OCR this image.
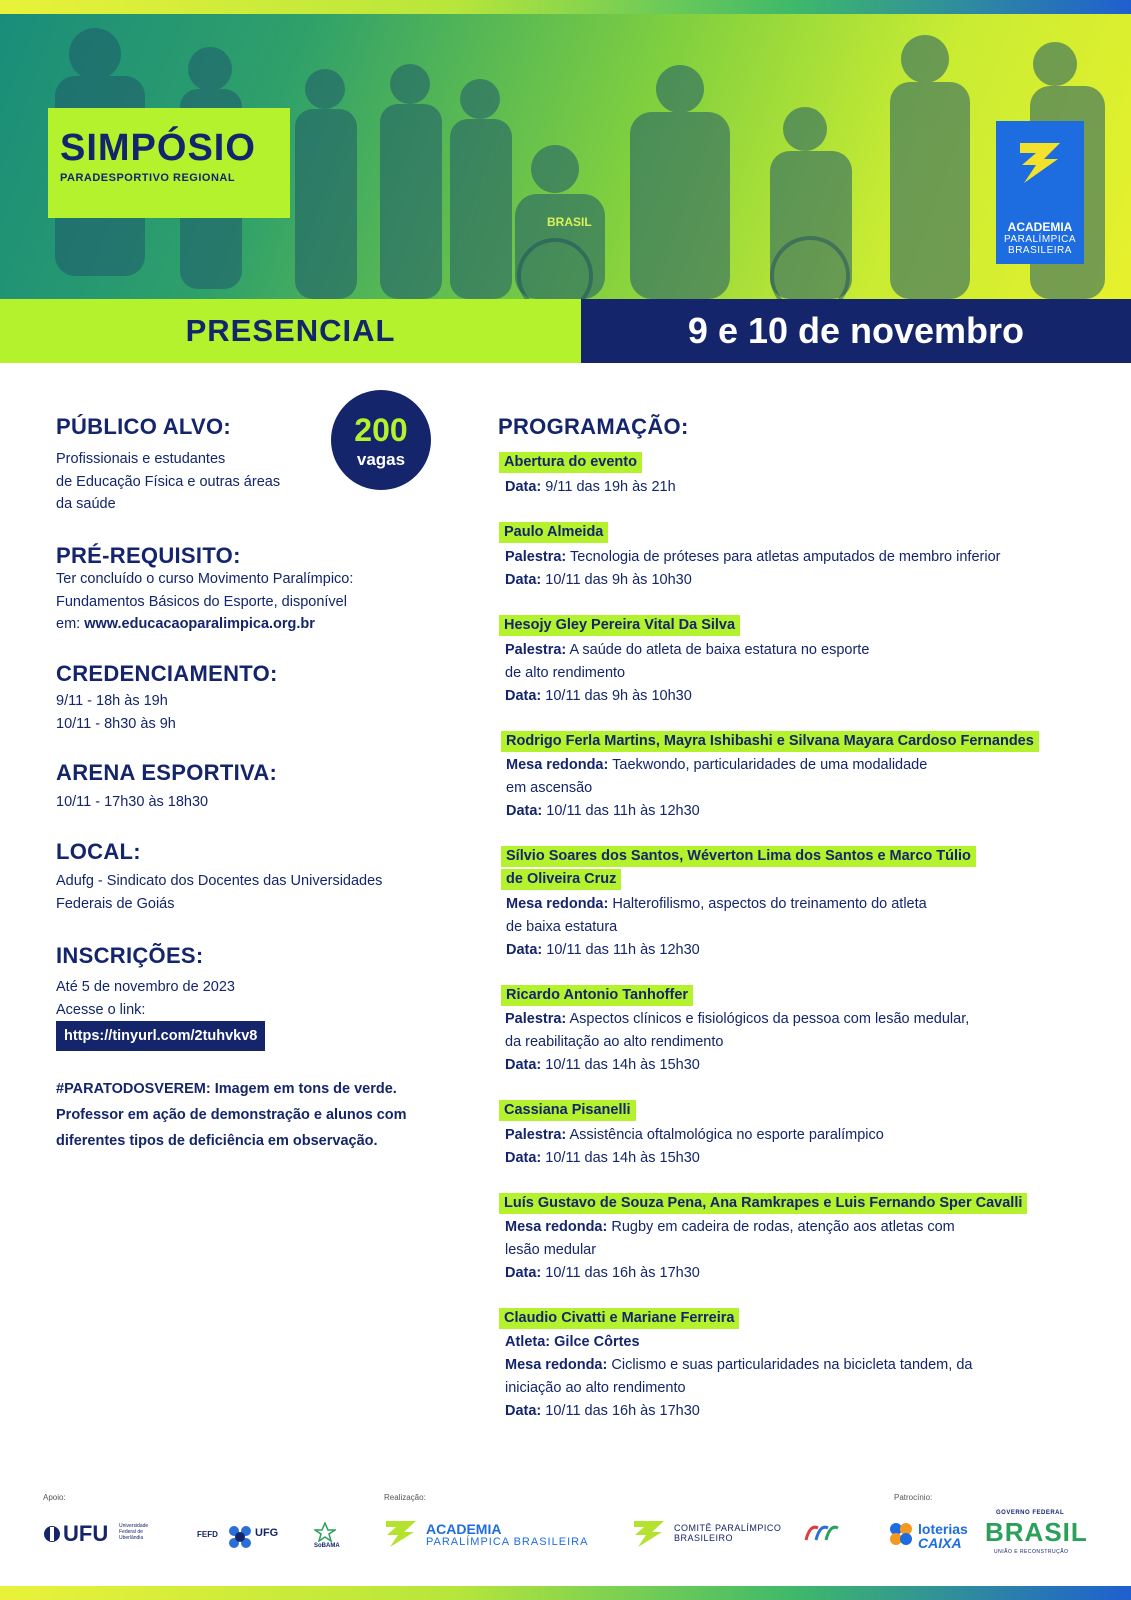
BRASIL
SIMPÓSIO
PARADESPORTIVO REGIONAL
ACADEMIA
PARALÍMPICA
BRASILEIRA
PRESENCIAL	9 e 10 de novembro
PÚBLICO ALVO:
Profissionais e estudantes
de Educação Física e outras áreas
da saúde
200
vagas
PRÉ-REQUISITO:
Ter concluído o curso Movimento Paralímpico:
Fundamentos Básicos do Esporte, disponível
em: www.educacaoparalimpica.org.br
CREDENCIAMENTO:
9/11 - 18h às 19h
10/11 - 8h30 às 9h
ARENA ESPORTIVA:
10/11 - 17h30 às 18h30
LOCAL:
Adufg - Sindicato dos Docentes das Universidades
Federais de Goiás
INSCRIÇÕES:
Até 5 de novembro de 2023
Acesse o link:
https://tinyurl.com/2tuhvkv8
#PARATODOSVEREM: Imagem em tons de verde. Professor em ação de demonstração e alunos com diferentes tipos de deficiência em observação.
PROGRAMAÇÃO:
Abertura do evento
Data: 9/11 das 19h às 21h
Paulo Almeida
Palestra: Tecnologia de próteses para atletas amputados de membro inferior
Data: 10/11 das 9h às 10h30
Hesojy Gley Pereira Vital Da Silva
Palestra: A saúde do atleta de baixa estatura no esporte
de alto rendimento
Data: 10/11 das 9h às 10h30
Rodrigo Ferla Martins, Mayra Ishibashi e Silvana Mayara Cardoso Fernandes
Mesa redonda: Taekwondo, particularidades de uma modalidade
em ascensão
Data: 10/11 das 11h às 12h30
Sílvio Soares dos Santos, Wéverton Lima dos Santos e Marco Túlio
de Oliveira Cruz
Mesa redonda: Halterofilismo, aspectos do treinamento do atleta
de baixa estatura
Data: 10/11 das 11h às 12h30
Ricardo Antonio Tanhoffer
Palestra: Aspectos clínicos e fisiológicos da pessoa com lesão medular,
da reabilitação ao alto rendimento
Data: 10/11 das 14h às 15h30
Cassiana Pisanelli
Palestra: Assistência oftalmológica no esporte paralímpico
Data: 10/11 das 14h às 15h30
Luís Gustavo de Souza Pena, Ana Ramkrapes e Luis Fernando Sper Cavalli
Mesa redonda: Rugby em cadeira de rodas, atenção aos atletas com
lesão medular
Data: 10/11 das 16h às 17h30
Claudio Civatti e Mariane Ferreira
Atleta: Gilce Côrtes
Mesa redonda: Ciclismo e suas particularidades na bicicleta tandem, da
iniciação ao alto rendimento
Data: 10/11 das 16h às 17h30
Apoio:	Realização:	Patrocínio:
UFU Universidade
Federal de
Uberlândia	FEFD	UFG
SoBAMA
ACADEMIA
PARALÍMPICA BRASILEIRA
COMITÊ PARALÍMPICO
BRASILEIRO
loterias
CAIXA
GOVERNO FEDERAL
BRASIL
UNIÃO E RECONSTRUÇÃO
